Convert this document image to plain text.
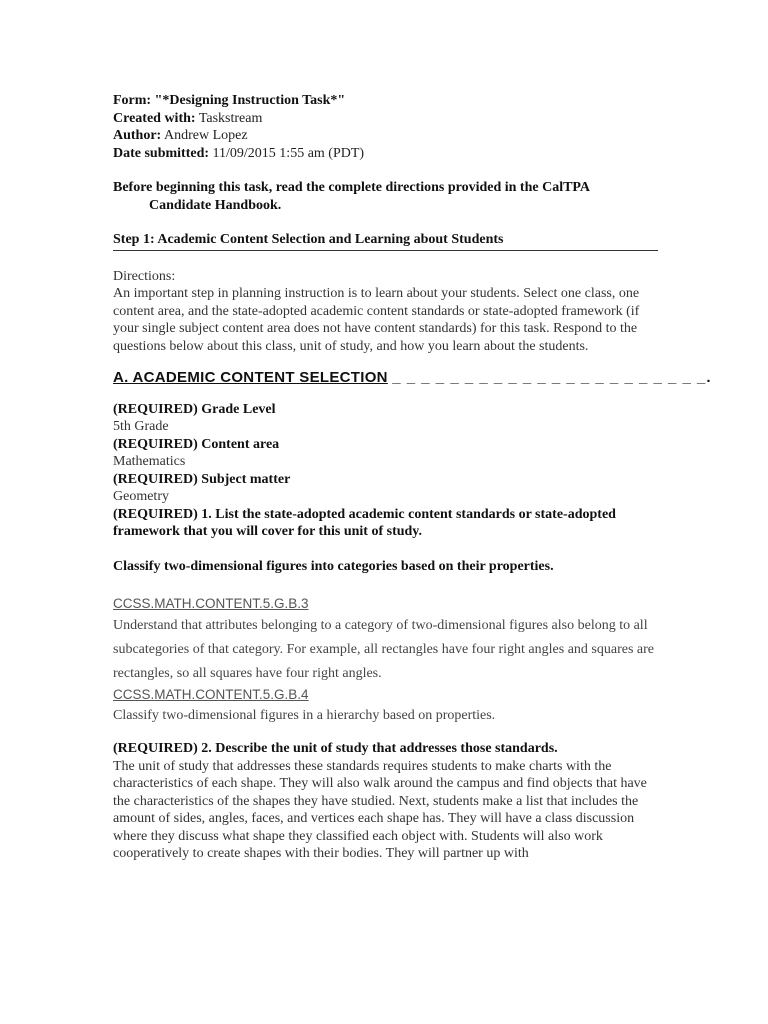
Form: "*Designing Instruction Task*"
Created with: Taskstream
Author: Andrew Lopez
Date submitted: 11/09/2015 1:55 am (PDT)
Before beginning this task, read the complete directions provided in the CalTPA
Candidate Handbook.
Step 1: Academic Content Selection and Learning about Students
Directions:
An important step in planning instruction is to learn about your students. Select one class, one content area, and the state-adopted academic content standards or state-adopted framework (if your single subject content area does not have content standards) for this task. Respond to the questions below about this class, unit of study, and how you learn about the students.
A. ACADEMIC CONTENT SELECTION _ _ _ _ _ _ _ _ _ _ _ _ _ _ _ _ _ _ _ _ _ _.
(REQUIRED) Grade Level
5th Grade
(REQUIRED) Content area
Mathematics
(REQUIRED) Subject matter
Geometry
(REQUIRED) 1. List the state-adopted academic content standards or state-adopted framework that you will cover for this unit of study.
Classify two-dimensional figures into categories based on their properties.
CCSS.MATH.CONTENT.5.G.B.3
Understand that attributes belonging to a category of two-dimensional figures also belong to all subcategories of that category. For example, all rectangles have four right angles and squares are rectangles, so all squares have four right angles.
CCSS.MATH.CONTENT.5.G.B.4
Classify two-dimensional figures in a hierarchy based on properties.
(REQUIRED) 2. Describe the unit of study that addresses those standards.
The unit of study that addresses these standards requires students to make charts with the characteristics of each shape. They will also walk around the campus and find objects that have the characteristics of the shapes they have studied. Next, students make a list that includes the amount of sides, angles, faces, and vertices each shape has. They will have a class discussion where they discuss what shape they classified each object with. Students will also work cooperatively to create shapes with their bodies. They will partner up with
